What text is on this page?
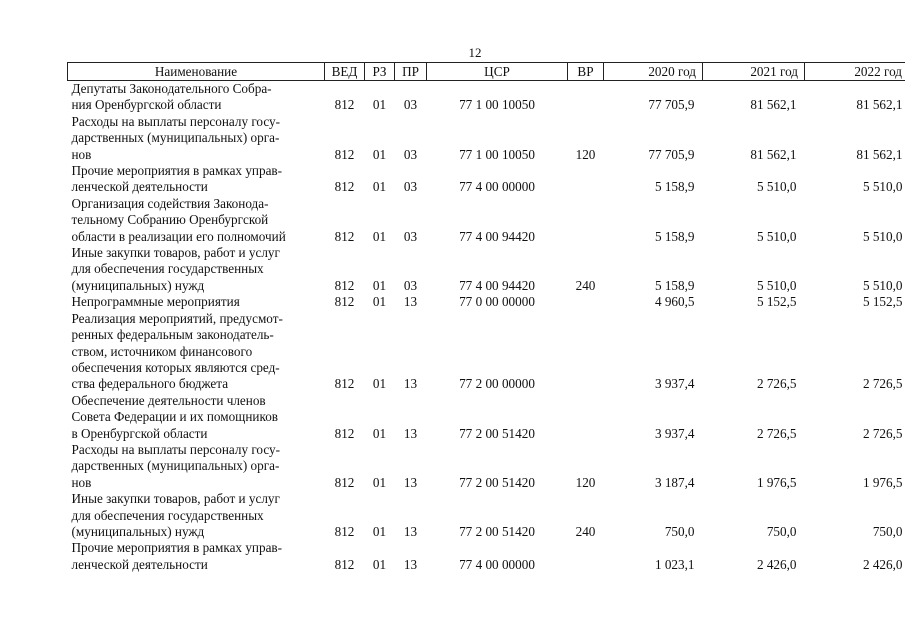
12
Наименование	ВЕД	РЗ	ПР	ЦСР	ВР	2020 год	2021 год	2022 год

Депутаты Законодательного Собра-
ния Оренбургской области	812	01	03	77 1 00 10050		77 705,9	81 562,1	81 562,1

Расходы на выплаты персоналу госу-
дарственных (муниципальных) орга-
нов	812	01	03	77 1 00 10050	120	77 705,9	81 562,1	81 562,1

Прочие мероприятия в рамках управ-
ленческой деятельности	812	01	03	77 4 00 00000		5 158,9	5 510,0	5 510,0

Организация содействия Законода-
тельному Собранию Оренбургской
области в реализации его полномочий	812	01	03	77 4 00 94420		5 158,9	5 510,0	5 510,0

Иные закупки товаров, работ и услуг
для обеспечения государственных
(муниципальных) нужд	812	01	03	77 4 00 94420	240	5 158,9	5 510,0	5 510,0

Непрограммные мероприятия	812	01	13	77 0 00 00000		4 960,5	5 152,5	5 152,5

Реализация мероприятий, предусмот-
ренных федеральным законодатель-
ством, источником финансового
обеспечения которых являются сред-
ства федерального бюджета	812	01	13	77 2 00 00000		3 937,4	2 726,5	2 726,5

Обеспечение деятельности членов
Совета Федерации и их помощников
в Оренбургской области	812	01	13	77 2 00 51420		3 937,4	2 726,5	2 726,5

Расходы на выплаты персоналу госу-
дарственных (муниципальных) орга-
нов	812	01	13	77 2 00 51420	120	3 187,4	1 976,5	1 976,5

Иные закупки товаров, работ и услуг
для обеспечения государственных
(муниципальных) нужд	812	01	13	77 2 00 51420	240	750,0	750,0	750,0

Прочие мероприятия в рамках управ-
ленческой деятельности	812	01	13	77 4 00 00000		1 023,1	2 426,0	2 426,0
